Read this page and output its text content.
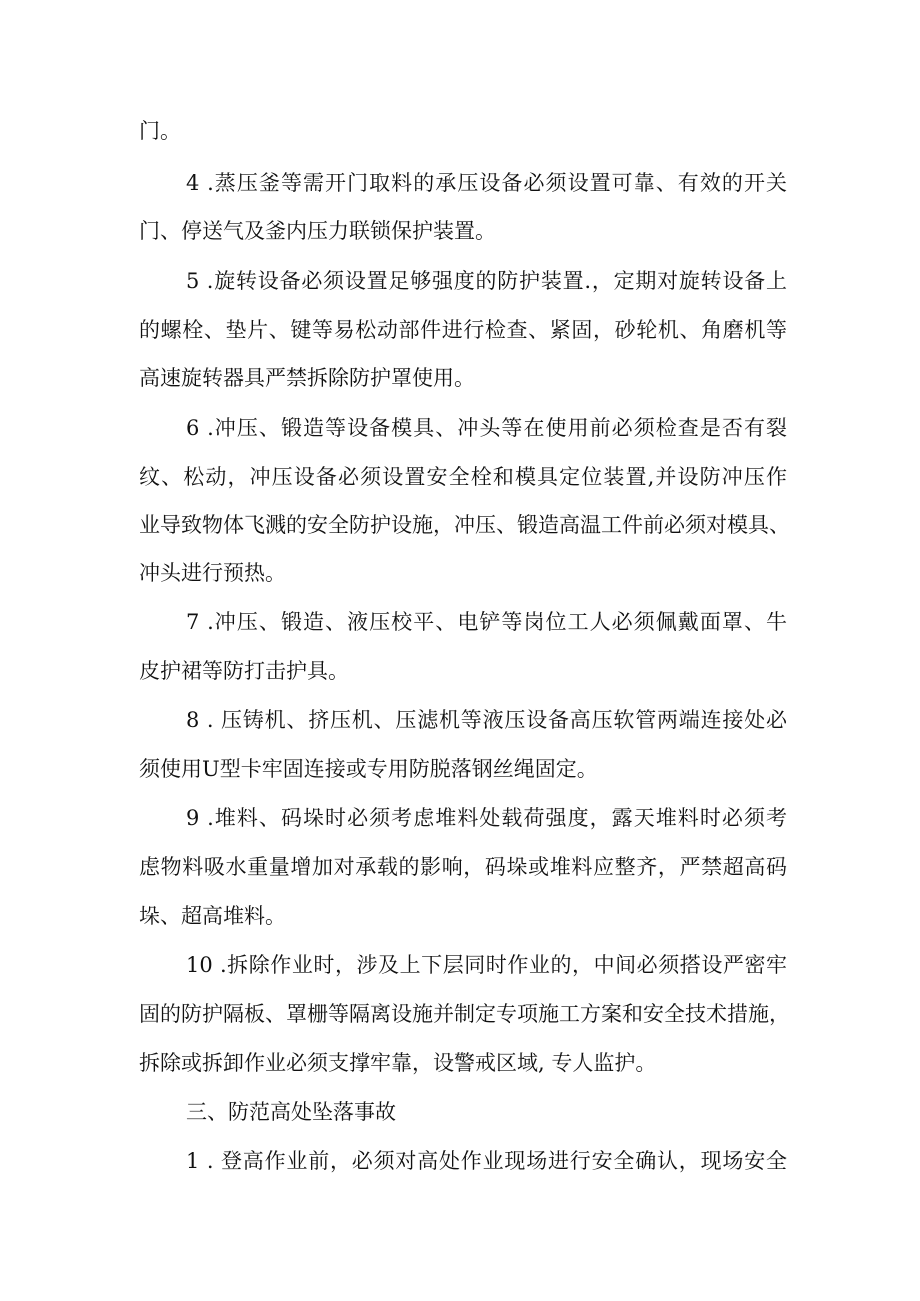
门。

4 .蒸压釜等需开门取料的承压设备必须设置可靠、有效的开关

门、停送气及釜内压力联锁保护装置。

5 .旋转设备必须设置足够强度的防护装置.，定期对旋转设备上

的螺栓、垫片、键等易松动部件进行检查、紧固，砂轮机、角磨机等

高速旋转器具严禁拆除防护罩使用。

6 .冲压、锻造等设备模具、冲头等在使用前必须检查是否有裂

纹、松动，冲压设备必须设置安全栓和模具定位装置,并设防冲压作

业导致物体飞溅的安全防护设施，冲压、锻造高温工件前必须对模具、

冲头进行预热。

7 .冲压、锻造、液压校平、电铲等岗位工人必须佩戴面罩、牛

皮护裙等防打击护具。

8 . 压铸机、挤压机、压滤机等液压设备高压软管两端连接处必

须使用U型卡牢固连接或专用防脱落钢丝绳固定。

9 .堆料、码垛时必须考虑堆料处载荷强度，露天堆料时必须考

虑物料吸水重量增加对承载的影响，码垛或堆料应整齐，严禁超高码

垛、超高堆料。

10 .拆除作业时，涉及上下层同时作业的，中间必须搭设严密牢

固的防护隔板、罩栅等隔离设施并制定专项施工方案和安全技术措施，

拆除或拆卸作业必须支撑牢靠，设警戒区域, 专人监护。

三、防范高处坠落事故

1 . 登高作业前，必须对高处作业现场进行安全确认，现场安全
